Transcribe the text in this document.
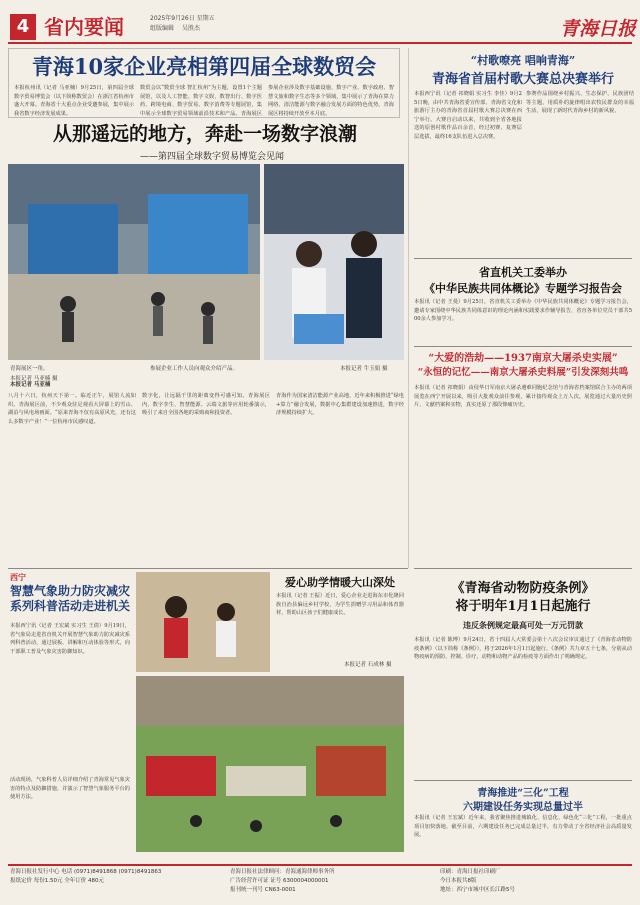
4 省内要闻	2025年9月26日 星期五
组版编辑 吴胜杰	青海日报
青海10家企业亮相第四届全球数贸会
本报杭州讯（记者 马亚楠）9月25日，第四届全球数字贸易博览会（以下简称数贸会）在浙江省杭州市盛大开幕。青海省十大重点企业受邀参展，集中展示我省数字经济发展成果。
数贸会以“数贸全球 智汇杭州”为主题，设置1个主题展馆，以及人工智能、数字文娱、数智出行、数字医药、跨境电商、数字贸易、数字消费等专题展馆，集中展示全球数字贸易领域前沿技术和产品。青海展区
参展企业涉及数字基础设施、数字产业、数字政府、智慧文旅和数字生态等多个领域，集中展示了青海在算力网络、清洁能源与数字融合发展方面的特色优势。青海展区将持续开放至本月底。
从那遥远的地方，奔赴一场数字浪潮
——第四届全球数字贸易博览会见闻
青海展区一角。	参展企业工作人员向观众介绍产品。	本报记者 牛玉娟 摄
本报记者 马亚楠 摄
本报记者 马亚楠
八月十六日，杭州天下第一。临近正午，展馆人流如织。青海展区前，不少观众驻足观看大屏幕上的雪山、湖泊与风电场画面。“原来青海不仅有高原风光，还有这么多数字产业！”一位杭州市民感叹道。
数字化，让远隔千里的距离变得可感可知。青海展区内，数字孪生、智慧能源、云端文旅等应用轮番演示，吸引了来自全国各地的采购商和投资者。
青海作为国家清洁能源产业高地，近年来积极推进“绿电+算力”融合发展，数据中心集群建设加速推进，数字经济规模持续扩大。
“村歌嘹亮 唱响青海”
青海省首届村歌大赛总决赛举行
本报西宁讯（记者 祁晓娟 实习生 李佳）9月25日晚，由中共青海省委宣传部、青海省文化和旅游厅主办的青海省首届村歌大赛总决赛在西宁举行。大赛自启动以来，共收到全省各地报送的原创村歌作品百余首，经过初赛、复赛层层选拔，最终16支队伍进入总决赛。
参赛作品围绕乡村振兴、生态保护、民族团结等主题，用质朴的旋律唱出农牧民群众的幸福生活，展现了新时代青海乡村的新风貌。
省直机关工委举办
《中华民族共同体概论》专题学习报告会
本报讯（记者 王曼）9月25日，省直机关工委举办《中华民族共同体概论》专题学习报告会，邀请专家围绕中华民族共同体意识的理论内涵和实践要求作辅导报告，省直各单位党员干部共500余人参加学习。
“大爱的浩劫——1937南京大屠杀史实展”
“永恒的记忆——南京大屠杀史料展”引发深刻共鸣
本报讯（记者 祁晓娟）由侵华日军南京大屠杀遇难同胞纪念馆与青海省档案馆联合主办的两项展览在西宁开展以来，吸引大批观众前往参观，累计接待观众上万人次。展览通过大量历史照片、文献档案和实物，真实还原了那段惨痛历史。
西宁
智慧气象助力防灾减灾系列科普活动走进机关
本报西宁讯（记者 王宏斌 实习生 王倩）9月19日，省气象局走进省直机关开展智慧气象助力防灾减灾系列科普活动，通过展板、讲解和互动体验等形式，向干部职工普及气象灾害防御知识。
活动现场，气象科普人员详细介绍了青海常见气象灾害的特点及防御措施，并演示了智慧气象服务平台的使用方法。
爱心助学情暖大山深处
本报讯（记者 王振）近日，爱心企业走进海东市化隆回族自治县偏远乡村学校，为学生捐赠学习用品和体育器材，帮助山区孩子们健康成长。
本报记者 石成林 摄
《青海省动物防疫条例》
将于明年1月1日起施行
违反条例规定最高可处一万元罚款
本报讯（记者 陈博）9月24日，省十四届人大常委会第十八次会议审议通过了《青海省动物防疫条例》（以下简称《条例》），将于2026年1月1日起施行。《条例》共九章五十七条，分别从动物疫病的预防、控制、诊疗，动物和动物产品的检疫等方面作出了明确规定。
青海推进“三化”工程
六期建设任务实现总量过半
本报讯（记者 王宏斌）近年来，我省聚焦推进城镇化、信息化、绿色化“三化”工程，一批重点项目加快落地。截至目前，六期建设任务已完成总量过半，有力带动了全省经济社会高质量发展。
青海日报社发行中心 电话 (0971)8491868 (0971)8491863
报纸定价 每份1.50元 全年订价 480元
青海日报社法律顾问：青海通海律师事务所
广告经营许可证 证号 6300004000001
报刊统一刊号 CN63-0001
印刷：青海日报社印刷厂
今日本报共8版
地址：西宁市城中区长江路5号
